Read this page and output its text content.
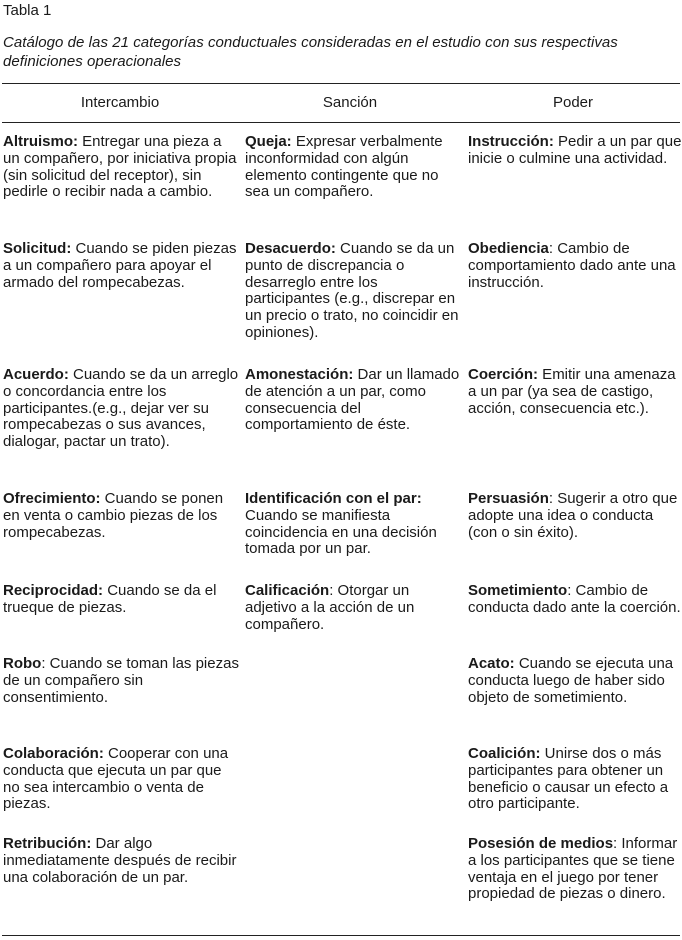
Tabla 1
Catálogo de las 21 categorías conductuales consideradas en el estudio con sus respectivas definiciones operacionales
Intercambio	Sanción	Poder
Altruismo: Entregar una pieza a un compañero, por iniciativa propia (sin solicitud del receptor), sin pedirle o recibir nada a cambio.
Queja: Expresar verbalmente inconformidad con algún elemento contingente que no sea un compañero.
Instrucción: Pedir a un par que inicie o culmine una actividad.
Solicitud: Cuando se piden piezas a un compañero para apoyar el armado del rompecabezas.
Desacuerdo: Cuando se da un punto de discrepancia o desarreglo entre los participantes (e.g., discrepar en un precio o trato, no coincidir en opiniones).
Obediencia: Cambio de comportamiento dado ante una instrucción.
Acuerdo: Cuando se da un arreglo o concordancia entre los participantes.(e.g., dejar ver su rompecabezas o sus avances, dialogar, pactar un trato).
Amonestación: Dar un llamado de atención a un par, como consecuencia del comportamiento de éste.
Coerción: Emitir una amenaza a un par (ya sea de castigo, acción, consecuencia etc.).
Ofrecimiento: Cuando se ponen en venta o cambio piezas de los rompecabezas.
Identificación con el par: Cuando se manifiesta coincidencia en una decisión tomada por un par.
Persuasión: Sugerir a otro que adopte una idea o conducta (con o sin éxito).
Reciprocidad: Cuando se da el trueque de piezas.
Calificación: Otorgar un adjetivo a la acción de un compañero.
Sometimiento: Cambio de conducta dado ante la coerción.
Robo: Cuando se toman las piezas de un compañero sin consentimiento.
Acato: Cuando se ejecuta una conducta luego de haber sido objeto de sometimiento.
Colaboración: Cooperar con una conducta que ejecuta un par que no sea intercambio o venta de piezas.
Coalición: Unirse dos o más participantes para obtener un beneficio o causar un efecto a otro participante.
Retribución: Dar algo inmediatamente después de recibir una colaboración de un par.
Posesión de medios: Informar a los participantes que se tiene ventaja en el juego por tener propiedad de piezas o dinero.
